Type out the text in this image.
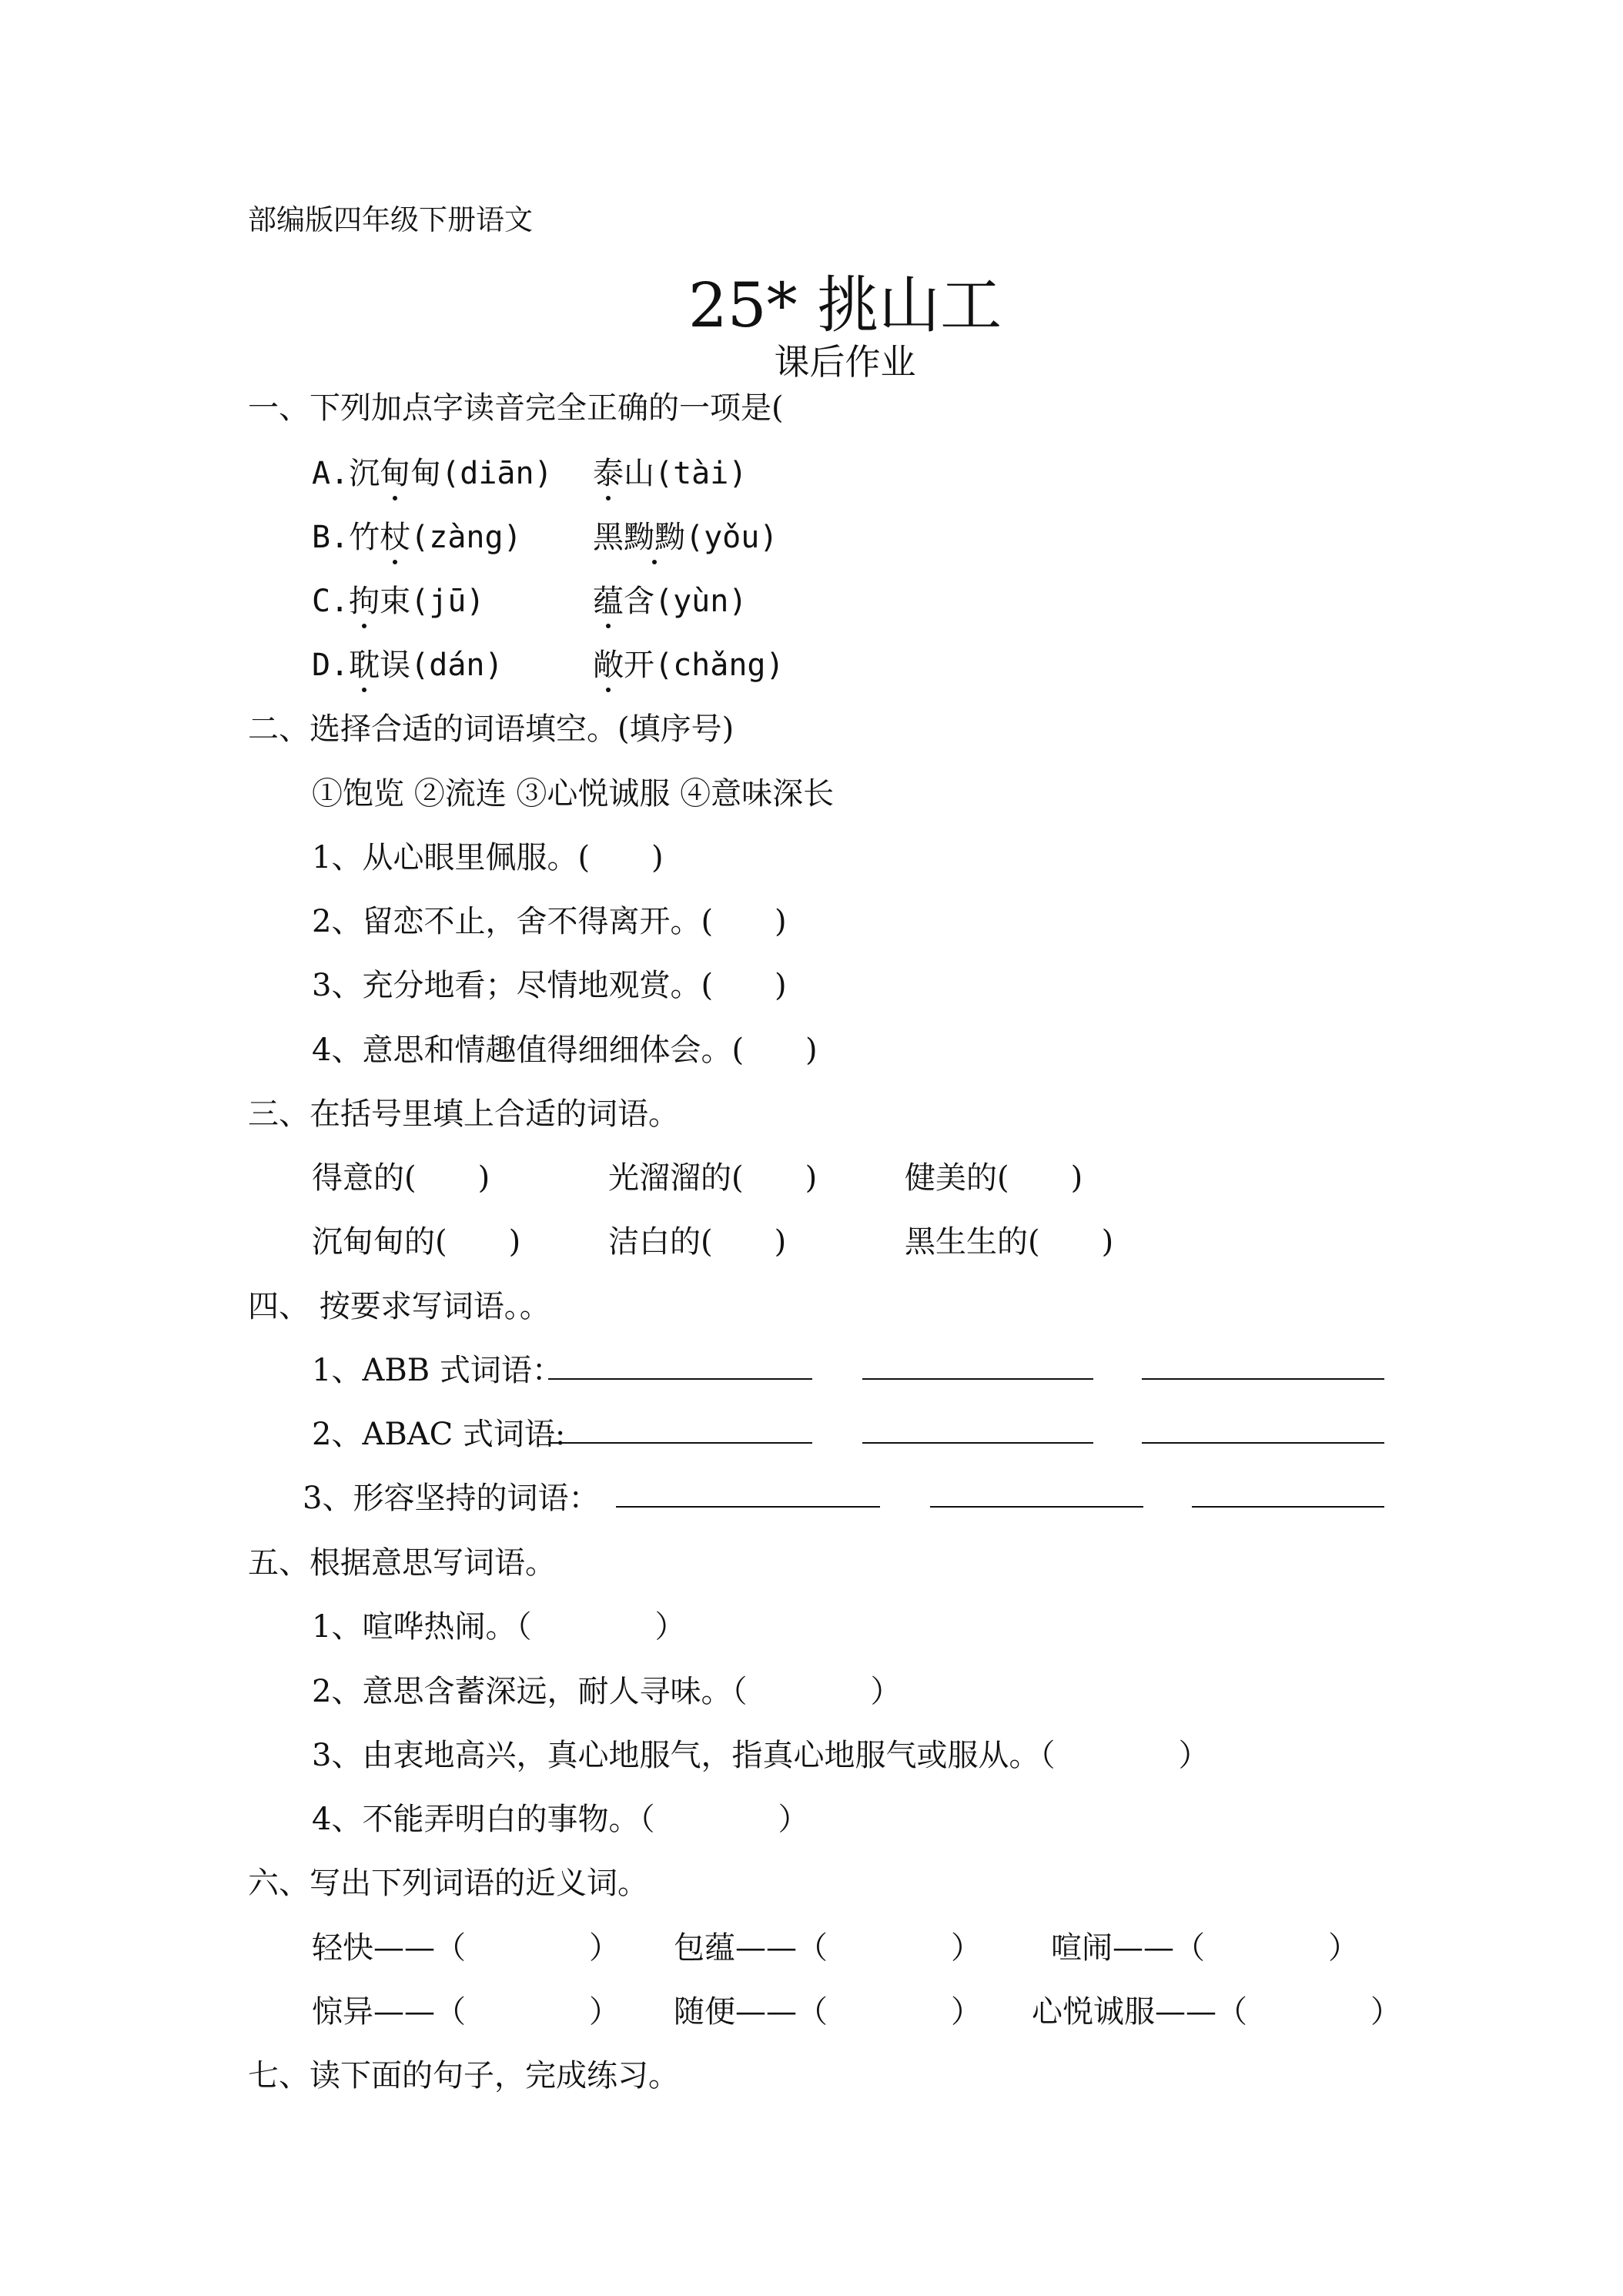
部编版四年级下册语文
25* 挑山工
课后作业
一、下列加点字读音完全正确的一项是(
A.沉甸甸(diān) 泰山(tài)
B.竹杖(zàng) 黑黝黝(yǒu)
C.拘束(jū)	蕴含(yùn)
D.耽误(dán)	敞开(chǎng)
二、选择合适的词语填空。(填序号)
①饱览 ②流连 ③心悦诚服 ④意味深长
1、从心眼里佩服。(　　)
2、留恋不止，舍不得离开。(　　)
3、充分地看；尽情地观赏。(　　)
4、意思和情趣值得细细体会。(　　)
三、在括号里填上合适的词语。
得意的(　　)	光溜溜的(　　)	健美的(　　)
沉甸甸的(　　)	洁白的(　　)	黑生生的(　　)
四、 按要求写词语。。
1、ABB 式词语：
2、ABAC 式词语:
3、形容坚持的词语：
五、根据意思写词语。
1、喧哗热闹。（　　　　）
2、意思含蓄深远，耐人寻味。（　　　　）
3、由衷地高兴，真心地服气，指真心地服气或服从。（　　　　）
4、不能弄明白的事物。（　　　　）
六、写出下列词语的近义词。
轻快——（　　　　） 包蕴——（　　　　） 喧闹——（　　　　）
惊异——（　　　　） 随便——（　　　　） 心悦诚服——（　　　　）
七、读下面的句子，完成练习。
